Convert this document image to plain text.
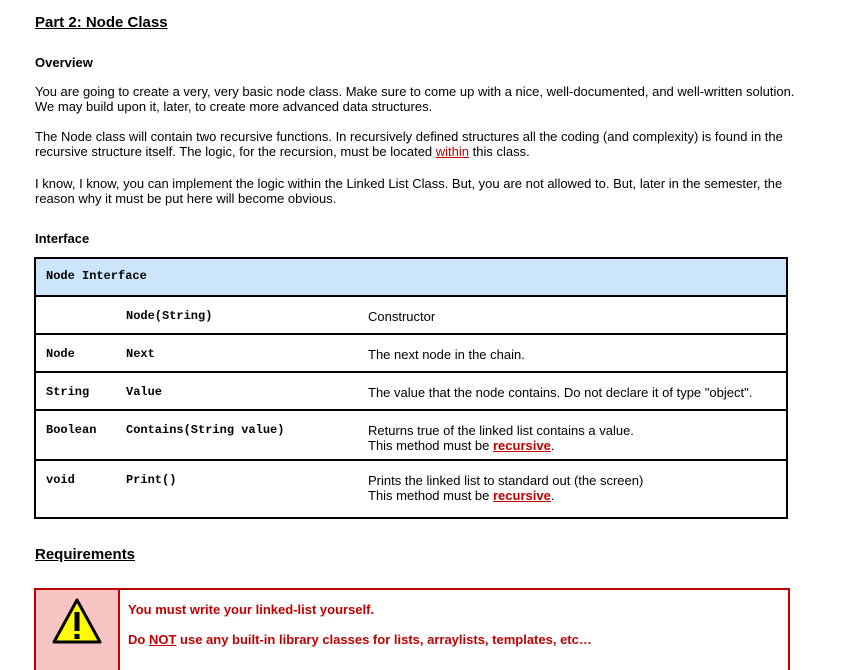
Part 2: Node Class
Overview
You are going to create a very, very basic node class. Make sure to come up with a nice, well-documented, and well-written solution. We may build upon it, later, to create more advanced data structures.
The Node class will contain two recursive functions. In recursively defined structures all the coding (and complexity) is found in the recursive structure itself. The logic, for the recursion, must be located within this class.
I know, I know, you can implement the logic within the Linked List Class. But, you are not allowed to. But, later in the semester, the reason why it must be put here will become obvious.
Interface
Node Interface		

	Node(String)	Constructor

Node	Next	The next node in the chain.

String	Value	The value that the node contains. Do not declare it of type "object".

Boolean	Contains(String value)	Returns true of the linked list contains a value.
This method must be recursive.

void	Print()	Prints the linked list to standard out (the screen)
This method must be recursive.
Requirements
You must write your linked-list yourself.
Do NOT use any built-in library classes for lists, arraylists, templates, etc…
